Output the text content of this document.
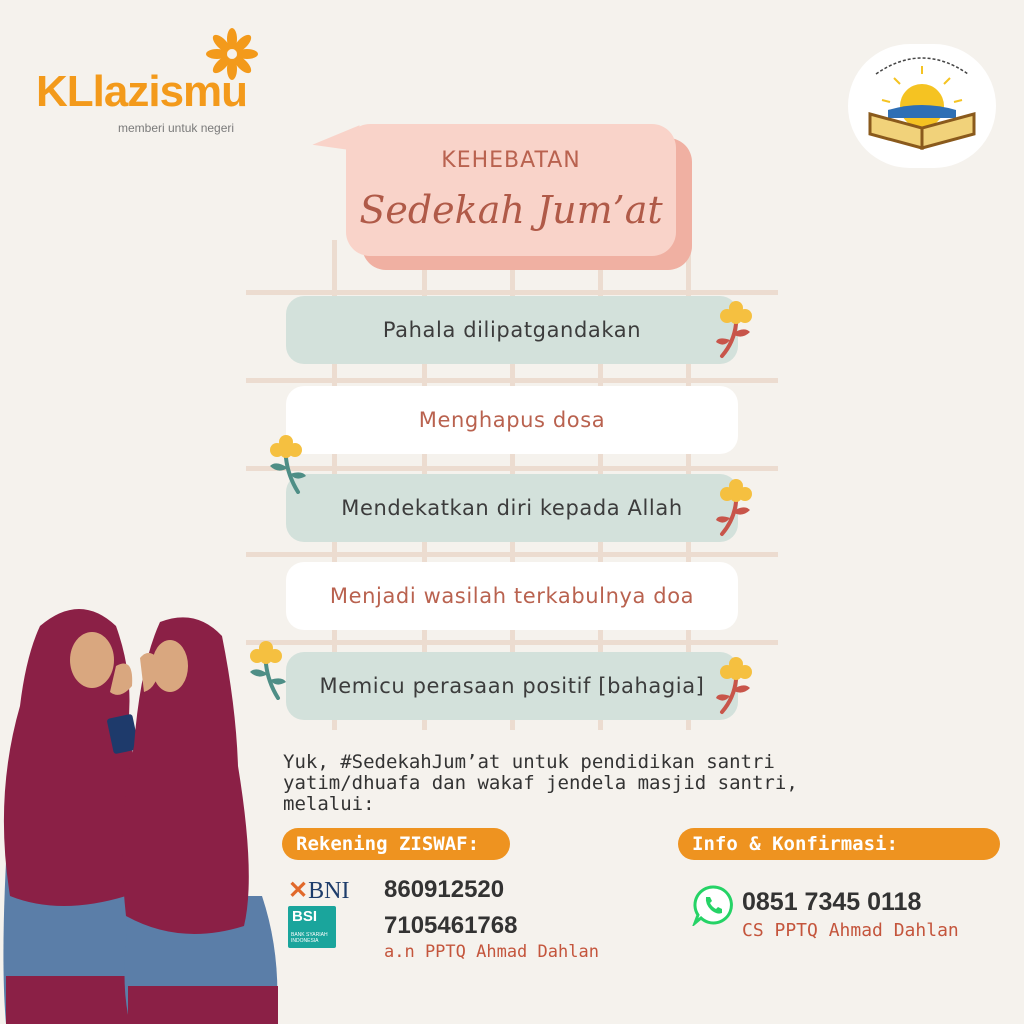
KLlazismu
memberi untuk negeri
KEHEBATAN
Sedekah Jum’at
Pahala dilipatgandakan
Menghapus dosa
Mendekatkan diri kepada Allah
Menjadi wasilah terkabulnya doa
Memicu perasaan positif [bahagia]
Yuk, #SedekahJum’at untuk pendidikan santri
yatim/dhuafa dan wakaf jendela masjid santri,
melalui:
Rekening ZISWAF:
✕BNI 860912520
BSI
BANK SYARIAH INDONESIA
7105461768
a.n PPTQ Ahmad Dahlan
Info & Konfirmasi:
0851 7345 0118
CS PPTQ Ahmad Dahlan
